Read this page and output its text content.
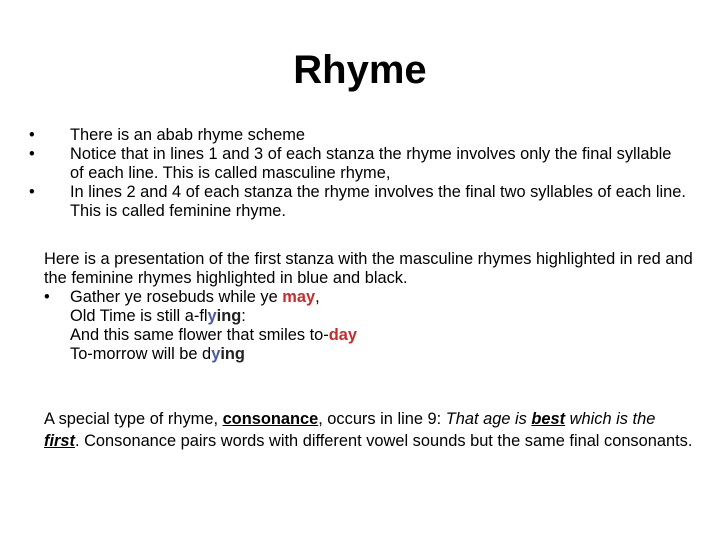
Rhyme
•	There is an abab rhyme scheme
•	Notice that in lines 1 and 3 of each stanza the rhyme involves only the final syllable of each line. This is called masculine rhyme,
•	In lines 2 and 4 of each stanza the rhyme involves the final two syllables of each line. This is called feminine rhyme.
Here is a presentation of the first stanza with the masculine rhymes highlighted in red and the feminine rhymes highlighted in blue and black.
•	Gather ye rosebuds while ye may,
Old Time is still a-flying:
And this same flower that smiles to-day
To-morrow will be dying
A special type of rhyme, consonance, occurs in line 9: That age is best which is the first. Consonance pairs words with different vowel sounds but the same final consonants.
